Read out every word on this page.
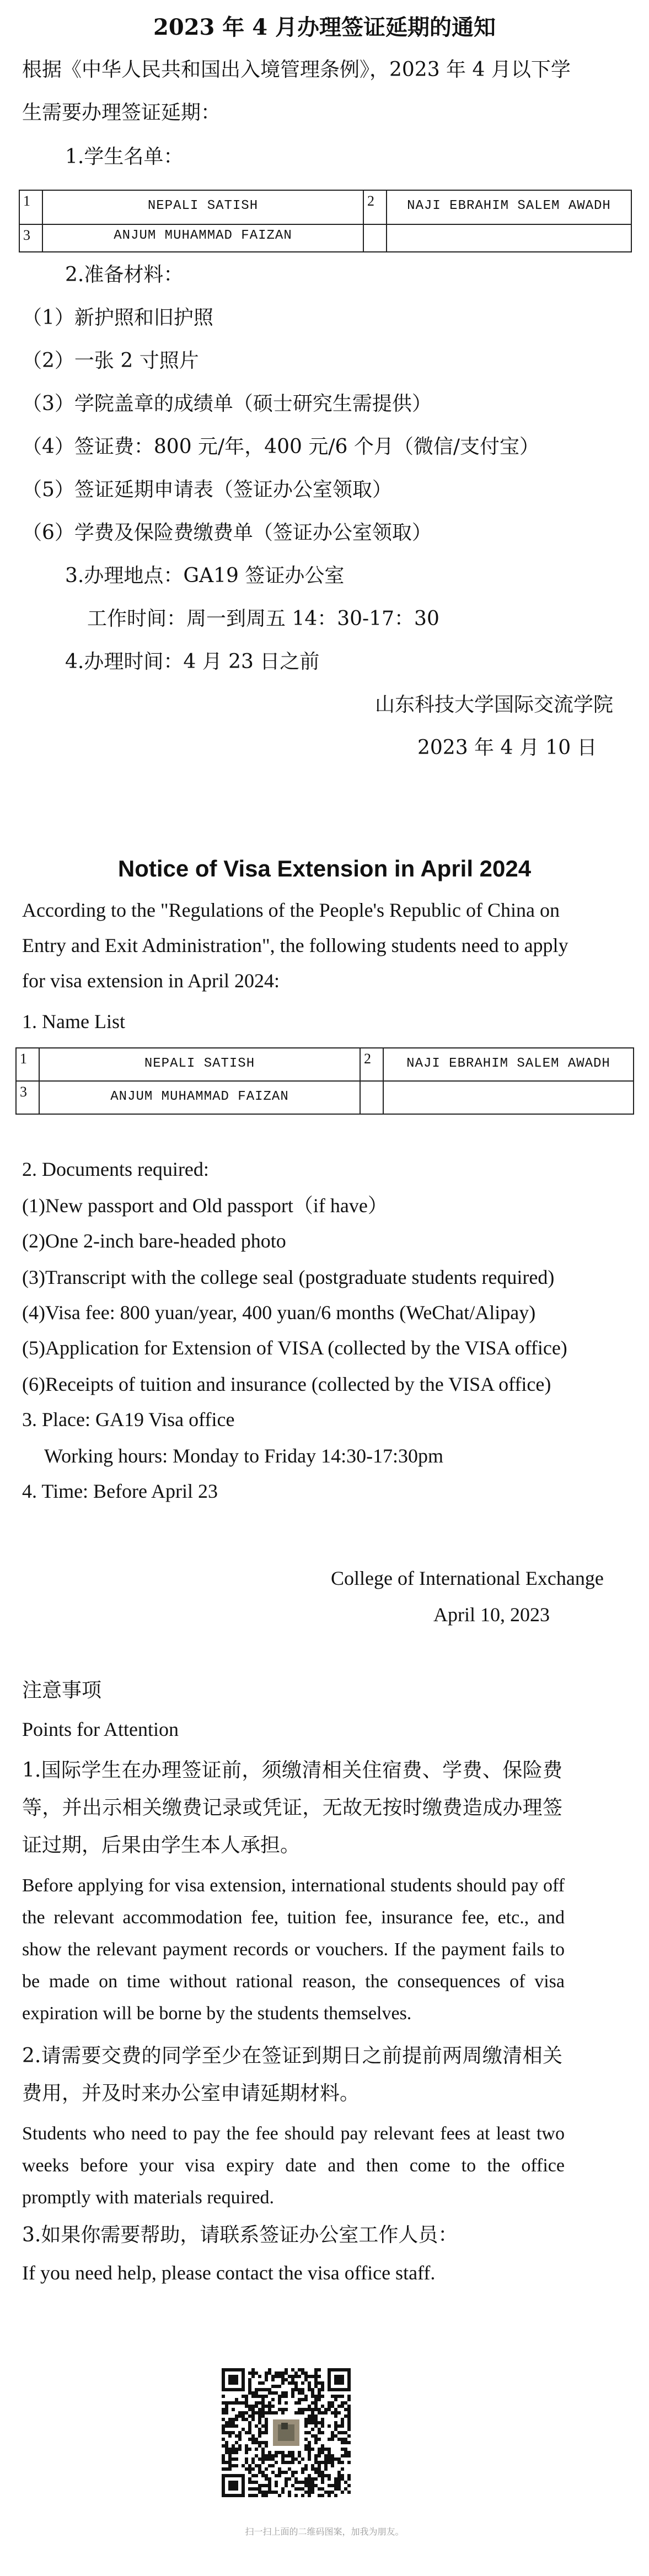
2023 年 4 月办理签证延期的通知
根据《中华人民共和国出入境管理条例》，2023 年 4 月以下学
生需要办理签证延期：
1.学生名单：
1	NEPALI SATISH	2	NAJI EBRAHIM SALEM AWADH
3	ANJUM MUHAMMAD FAIZAN		
2.准备材料：
（1）新护照和旧护照
（2）一张 2 寸照片
（3）学院盖章的成绩单（硕士研究生需提供）
（4）签证费：800 元/年，400 元/6 个月（微信/支付宝）
（5）签证延期申请表（签证办公室领取）
（6）学费及保险费缴费单（签证办公室领取）
3.办理地点：GA19 签证办公室
工作时间：周一到周五 14：30-17：30
4.办理时间：4 月 23 日之前
山东科技大学国际交流学院
2023 年 4 月 10 日
Notice of Visa Extension in April 2024
According to the "Regulations of the People's Republic of China on
Entry and Exit Administration", the following students need to apply
for visa extension in April 2024:
1. Name List
1	NEPALI SATISH	2	NAJI EBRAHIM SALEM AWADH
3	ANJUM MUHAMMAD FAIZAN		
2. Documents required:
(1)New passport and Old passport（if have）
(2)One 2-inch bare-headed photo
(3)Transcript with the college seal (postgraduate students required)
(4)Visa fee: 800 yuan/year, 400 yuan/6 months (WeChat/Alipay)
(5)Application for Extension of VISA (collected by the VISA office)
(6)Receipts of tuition and insurance (collected by the VISA office)
3. Place: GA19 Visa office
Working hours: Monday to Friday 14:30-17:30pm
4. Time: Before April 23
College of International Exchange
April 10, 2023
注意事项
Points for Attention
1.国际学生在办理签证前，须缴清相关住宿费、学费、保险费等，并出示相关缴费记录或凭证，无故无按时缴费造成办理签证过期，后果由学生本人承担。
Before applying for visa extension, international students should pay off the relevant accommodation fee, tuition fee, insurance fee, etc., and show the relevant payment records or vouchers. If the payment fails to be made on time without rational reason, the consequences of visa expiration will be borne by the students themselves.
2.请需要交费的同学至少在签证到期日之前提前两周缴清相关费用，并及时来办公室申请延期材料。
Students who need to pay the fee should pay relevant fees at least two weeks before your visa expiry date and then come to the office promptly with materials required.
3.如果你需要帮助，请联系签证办公室工作人员：
If you need help, please contact the visa office staff.
扫一扫上面的二维码图案，加我为朋友。
